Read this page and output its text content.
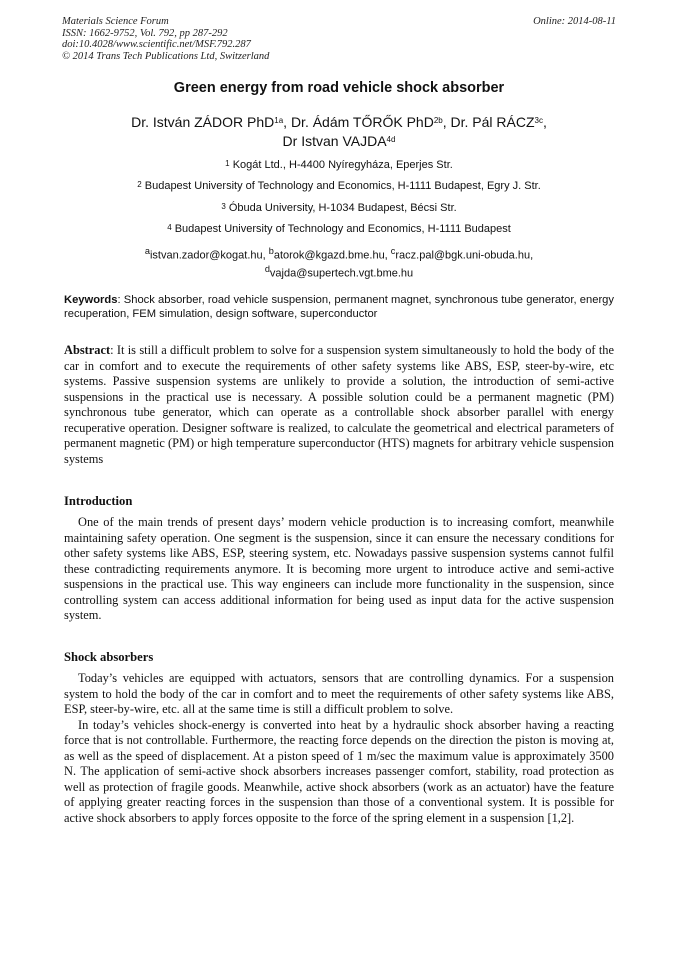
Materials Science Forum
ISSN: 1662-9752, Vol. 792, pp 287-292
doi:10.4028/www.scientific.net/MSF.792.287
© 2014 Trans Tech Publications Ltd, Switzerland
Online: 2014-08-11
Green energy from road vehicle shock absorber
Dr. István ZÁDOR PhD$^{1a}$, Dr. Ádám TŐRŐK PhD$^{2b}$, Dr. Pál $RÁCZ^{3c}$,
Dr Istvan $VAJDA^{4d}$
$^1$ Kogát Ltd., H-4400 Nyíregyháza, Eperjes Str.
$^2$ Budapest University of Technology and Economics, H-1111 Budapest, Egry J. Str.
$^3$ Óbuda University, H-1034 Budapest, Bécsi Str.
$^4$ Budapest University of Technology and Economics, H-1111 Budapest
$^a$istvan.zador@kogat.hu, $^b$atorok@kgazd.bme.hu, $^c$racz.pal@bgk.uni-obuda.hu,
$^d$vajda@supertech.vgt.bme.hu
Keywords: Shock absorber, road vehicle suspension, permanent magnet, synchronous tube generator, energy recuperation, FEM simulation, design software, superconductor

Abstract: It is still a difficult problem to solve for a suspension system simultaneously to hold the body of the car in comfort and to execute the requirements of other safety systems like ABS, ESP, steer-by-wire, etc systems. Passive suspension systems are unlikely to provide a solution, the introduction of semi-active suspensions in the practical use is necessary. A possible solution could be a permanent magnetic (PM) synchronous tube generator, which can operate as a controllable shock absorber parallel with energy recuperative operation. Designer software is realized, to calculate the geometrical and electrical parameters of permanent magnetic (PM) or high temperature superconductor (HTS) magnets for arbitrary vehicle suspension systems

Introduction

One of the main trends of present days’ modern vehicle production is to increasing comfort, meanwhile maintaining safety operation. One segment is the suspension, since it can ensure the necessary conditions for other safety systems like ABS, ESP, steering system, etc. Nowadays passive suspension systems cannot fulfil these contradicting requirements anymore. It is becoming more urgent to introduce active and semi-active suspensions in the practical use. This way engineers can include more functionality in the suspension, since controlling system can access additional information for being used as input data for the active suspension system.

Shock absorbers

Today’s vehicles are equipped with actuators, sensors that are controlling dynamics. For a suspension system to hold the body of the car in comfort and to meet the requirements of other safety systems like ABS, ESP, steer-by-wire, etc. all at the same time is still a difficult problem to solve.

In today’s vehicles shock-energy is converted into heat by a hydraulic shock absorber having a reacting force that is not controllable. Furthermore, the reacting force depends on the direction the piston is moving at, as well as the speed of displacement. At a piston speed of 1 m/sec the maximum value is approximately 3500 N. The application of semi-active shock absorbers increases passenger comfort, stability, road protection as well as protection of fragile goods. Meanwhile, active shock absorbers (work as an actuator) have the feature of applying greater reacting forces in the suspension than those of a conventional system. It is possible for active shock absorbers to apply forces opposite to the force of the spring element in a suspension [1,2].
